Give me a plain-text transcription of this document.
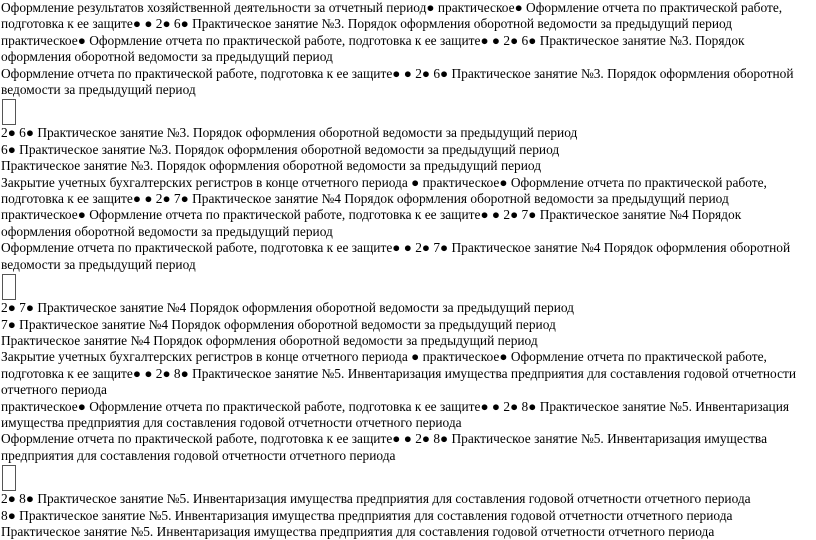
Оформление результатов хозяйственной деятельности за отчетный период● практическое● Оформление отчета по практической работе, подготовка к ее защите● ● 2● 6● Практическое занятие №3. Порядок оформления оборотной ведомости за предыдущий период практическое● Оформление отчета по практической работе, подготовка к ее защите● ● 2● 6● Практическое занятие №3. Порядок оформления оборотной ведомости за предыдущий период

Оформление отчета по практической работе, подготовка к ее защите● ● 2● 6● Практическое занятие №3. Порядок оформления оборотной ведомости за предыдущий период

2● 6● Практическое занятие №3. Порядок оформления оборотной ведомости за предыдущий период

6● Практическое занятие №3. Порядок оформления оборотной ведомости за предыдущий период

Практическое занятие №3. Порядок оформления оборотной ведомости за предыдущий период

Закрытие учетных бухгалтерских регистров в конце отчетного периода ● практическое● Оформление отчета по практической работе, подготовка к ее защите● ● 2● 7● Практическое занятие №4 Порядок оформления оборотной ведомости за предыдущий период практическое● Оформление отчета по практической работе, подготовка к ее защите● ● 2● 7● Практическое занятие №4 Порядок оформления оборотной ведомости за предыдущий период

Оформление отчета по практической работе, подготовка к ее защите● ● 2● 7● Практическое занятие №4 Порядок оформления оборотной ведомости за предыдущий период

2● 7● Практическое занятие №4 Порядок оформления оборотной ведомости за предыдущий период

7● Практическое занятие №4 Порядок оформления оборотной ведомости за предыдущий период

Практическое занятие №4 Порядок оформления оборотной ведомости за предыдущий период

Закрытие учетных бухгалтерских регистров в конце отчетного периода ● практическое● Оформление отчета по практической работе, подготовка к ее защите● ● 2● 8● Практическое занятие №5. Инвентаризация имущества предприятия для составления годовой отчетности отчетного периода

практическое● Оформление отчета по практической работе, подготовка к ее защите● ● 2● 8● Практическое занятие №5. Инвентаризация имущества предприятия для составления годовой отчетности отчетного периода

Оформление отчета по практической работе, подготовка к ее защите● ● 2● 8● Практическое занятие №5. Инвентаризация имущества предприятия для составления годовой отчетности отчетного периода

2● 8● Практическое занятие №5. Инвентаризация имущества предприятия для составления годовой отчетности отчетного периода

8● Практическое занятие №5. Инвентаризация имущества предприятия для составления годовой отчетности отчетного периода

Практическое занятие №5. Инвентаризация имущества предприятия для составления годовой отчетности отчетного периода
